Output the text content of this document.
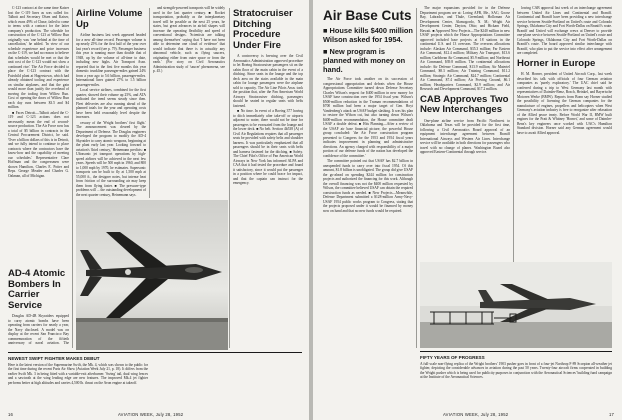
C-123 contract at the same time Kaiser lost the C-119 lines as was called for. Talbott and Secretary Olsen and Kaiser, which owns 49% of Chase, failed to come to terms with a contract for the latter company's production. The schedule for construction of the C-123 at Willow Run originally was 'one behind at the time of cancellation,' he added. 'In view of our schedule experience and price increases on the C-119, we had no reason to believe that schedules would be met or that the unit cost of the C-123 would not show a continued rise.' The Air Force decided to place the C-123 contract with the Fairchild plant at Hagerstown, which had already obtained tooling and experience on similar airplanes, and that the gain would more than justify the overhead of moving the tooling from Willow Run. Cost of opening the doors of Willow Run each day runs between $3.5 and $4 million.

■ Faces Detroit—Talbott asked the C-119 and C-123 actions does not necessarily mean the end of second-source production. The Air Force now has a total of $5 billion in contracts in the Central Procurement District, he said. 'Over a billion dollars of this is in Detroit, and we fully intend to continue to place contracts where the contractors have the know-how and the capability of meeting our schedules.' Representative Clare Hoffman and the congressmen were shown Hamilton, Charles E. Potter and Reps. George Meader and Charles G. Oakman, all of Michigan.

AD-4 Atomic Bombers In Carrier Service

Douglas AD-4B Skyraiders equipped to carry atomic bombs have been operating from carriers for nearly a year, the Navy disclosed. A model was on display at the recent San Francisco Bay commemoration of the fiftieth anniversary of naval aviation. The

Airline Volume Up

Airline business last week appeared headed for a new all-time record. Passenger volume is up nearly 25% for the first half of the year over last year's record (see p. 79). Passenger business this year is running more than double that of 1948, up by the volume of all-time to date, including new highs. Air Transport Assn. reported that in the first five months this year domestic trunkline passenger-miles gained 24% from a year ago to 5.6 billion, passenger-miles. International lines gained 27% to 1.5 billion passenger-miles.

Local service airlines, combined for the first quarter, showed their volume up 25%, and ATA indicated the trend seems steady since then. Fleet deliveries are also running ahead of the planned totals for the year and operating costs have been held reasonably level despite the increases.

cessary of the 'Wright brothers' first flight.' The announcement was cleared by the Department of Defense. The Douglas engineers developed the program to modify the AD-4 Skyraider to carry atomic weapons, beginning at the plant early last year. Looking forward to aviation's 'third century,' Heinemann predicts: ■ Ultrasonic jet transport operations by high-speed airlines will be achieved in the next few years. Speeds will be 500 mph in 1960, and 800 to 1,000 mph by 1970, he estimates. Supersonic transports can be built to fly at 1,500 mph at 55,000 ft., the designer notes, but intense heat from friction of the surrounding air may keep them from flying faster. ■ The pressure-type problems will ... the outstanding development of the next quarter century, Heinemann says.

NEWEST SWIFT FIGHTER MAKES DEBUT
Here is the latest version of the Supermarine Swift, the Mk. 4, which was shown to the public for the first time during the recent Paris Air Show (Aviation Week July 21, p. 18). It differs from the earlier Swift Mk. 3 in being fitted with a variable-exit afterburner. 'Swing' tail, dual wing fences and a sawtooth at the wing leading edge are new features. The improved Mk.4 jet fighter performs better at high altitudes and carries 4,500 lb. thrust on the Avon engine at takeoff.

and strength-powered transports will be widely used in the last quarter century. ■ Rocket transportation, probably as the interplanetary travel will be possible as the next 25 years, he states, but great advances in airfoil shapes will increase the operating flexibility and speed of conventional designs. 'Scientists are talking among themselves' saying that 'I have not been able to determine one cloud of evidence' that would indicate that there is in actuality any abnormal vehicle, such as flying saucers, originating either from outer space or from the earth.' (For story on Civil Aeronautics Administration study of 'saucer' phenomena, see p. 45.)

Stratocruiser Ditching Procedure Under Fire

A controversy is brewing over the Civil Aeronautics Administration approved procedure to let Boeing Stratocruiser passengers sit on the cabin floor of the main cabin in the event of a ditching. Since seats in the lounge and the top deck area on the stairs available in the main cabin for lounge passengers were the airplane sold to capacity. The Air Line Pilots Assn. took the position that, after the Pan American World Airways Stratocruiser ditching, passengers should be seated in regular seats with belts fastened.

■ No time. In event of a Boeing 377 having to ditch immediately after take-off or airports adjacent to water, there would not be time for passengers to be evacuated from the lounge and the lower deck. ■ No belt. Section 4b538 (A) of Civil Air Regulations requires that all passenger seats be provided with safety belts and shoulder harness. It was particularly emphasized that all passengers should be in their seats with belts and harness fastened for the ditching. ■ Safety. The Chief Pilot's Office of Pan American World Airways in New York has informed ALPA and CAA that it had tested the procedure and found it satisfactory, since it would put the passenger in a position where he could brace for impact, and that the captain can instruct for the emergency.

16	AVIATION WEEK, July 28, 1952
Air Base Cuts
■ House kills $400 million Wilson asked for 1954.
■ New program is planned with money on hand.

The Air Force took another on its succession of congressional appropriation and defeats when the House Appropriations Committee turned down Defense Secretary Charles Wilson's request for $400 million in new money for USAF base construction over the 1954 fiscal year. Wilson's $500-million reduction in the Truman recommendations of $700 million had been a major target of Gen. Hoyt Vandenberg's attack on USAF budget slashing. It was his plan to restore the Wilson cut, but also turning down Wilson's $400-million recommendation, the House committee dealt USAF a double defeat. ■ Hits Planning—After a review of the USAF air base financial picture, the powerful House group concluded: 'the Air Force construction program presented to Congress for the 1953 and 1954 fiscal years indicates improvement in planning and administrative directions. An agency charged with responsibility of a major portion of our defense funds of the nation has developed the confidence of the committee.'

The committee pointed out that USAF has $2.7 billion in unexpended funds to carry over into fiscal 1954. Of this amount, $1.8 billion is unobligated. The group did give USAF the go-ahead on spending $244 million for construction projects and authorized the financing for this work. Although the overall financing was not the $400 million requested by Wilson, the committee believed USAF can obtain the required construction funds as needed. ■ New Projects—Meanwhile, Defense Department submitted a $128-million Army-Navy-USAF 1954 public works program to Congress, stating that the projects proposed under it would be financed by money now on hand and that no new funds would be required.

The major expansions provided for in the Defense Department program are at: Loring AFB, Me., SAC; Goose Bay, Labrador, and Thule, Greenland; Holloman Air Development Center, Alamogordo, N. M.; Wright Air Development Center, Dayton, Ohio; and Hickam Field, Hawaii. ■ Approved New Projects—The $240 million in new USAF projects which the House Appropriations Committee approved included base projects at 18 stations in the continental U.S. and 13 overseas. The overseas allocations include: Alaskan Air Command, $35.3 million; Far Eastern Air Command, $12.4 million; Military Air Transport, $13.6 million; Caribbean Air Command, $5.9 million; and Northeast Air Command, $39.8 million. The continental allocations include: Air Defense Command, $13.9 million; Air Materiel Command, $8.3 million; Air Training Command, $11.2 million; Strategic Air Command, $24.7 million; Continental Air Command, $7.4 million; Air Proving Ground, $6.1 million; Headquarters Command, $2.9 million; and Air Research and Development Command, $17.2 million.

CAB Approves Two New Interchanges

One-plane airline service from Pacific Northwest to Oklahoma and Texas will be provided for the first time, following a Civil Aeronautics Board approval of an equipment interchange agreement between Braniff International Airways and Western Air Lines. Interchange service will be available in both directions for passengers who travel with no change of planes. Washington Board also approved Eastern-Continental through service.

lowing CAB approval last week of an interchange agreement between United Air Lines and Continental and Braniff. Continental and Braniff have been providing a new interchange service between Seattle-Portland on United's route and Colorado Springs, Oklahoma City and Fort Worth-Dallas on Braniff's route. Braniff and United will exchange crews at Denver to provide one-plane service between Seattle-Portland on United's route and Colorado Springs, Oklahoma City and Fort Worth-Dallas on Braniff's route. The board approved similar interchange with Braniff, who plan to put the service into effect after arrangement are completed.

Horner in Europe

H. M. Horner, president of United Aircraft Corp., last week described his talk with officials of four German aviation companies as 'purely exploratory.' The UAC chief said he conferred during a trip to West Germany last month with representatives of Daimler-Benz, Bosch, Heinkel, and Bayerische Motoren Werke (BMW). Reports from Bonn say Horner studied the possibility of licensing the German companies for the manufacture of engines, propellers and helicopters when West Germany's aviation industry is free to reorganize after relaxation of the Allied peace treaty. Before World War II, BMW built engines for the Pratt & Whitney 'Hornet,' and some of Daimler-Benz's key engineers once worked with UAC's Hamilton Standard division. Horner said any German agreement would have to await Allied approval.

FIFTY YEARS OF PROGRESS
A full-scale non-flying replica of the Wright brothers' 1903 pusher goes in front of a four-jet Northrop F-89 Scorpion all-weather jet fighter, depicting the considerable advances in aviation during the past 50 years. Twenty-four aircraft firms cooperated in building the Wright pusher which is being used for publicity purposes in conjunction with the Aeronautical Sciences' building fund campaign at the Institute of the Aeronautical Sciences.
AVIATION WEEK, July 28, 1952	17
